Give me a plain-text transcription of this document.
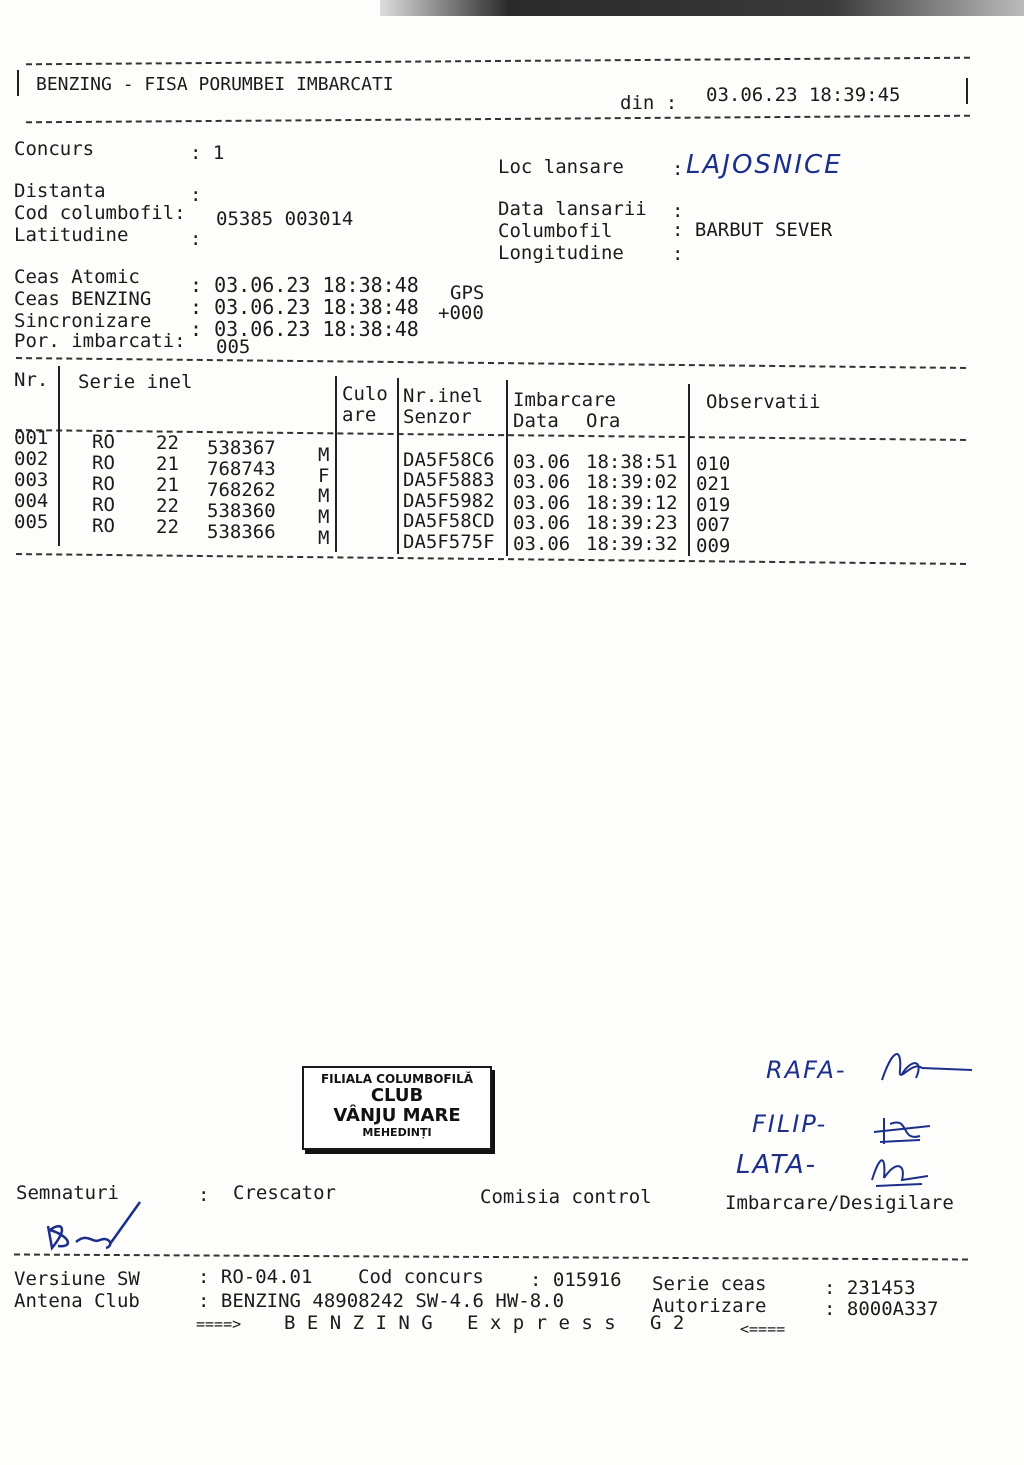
BENZING - FISA PORUMBEI IMBARCATI
din : 03.06.23 18:39:45
Concurs	: 1
Distanta	:
Cod columbofil: 05385 003014
Latitudine	:
Loc lansare	: LAJOSNICE
Data lansarii :
Columbofil	: BARBUT SEVER
Longitudine	:
Ceas Atomic	: 03.06.23 18:38:48 GPS
Ceas BENZING : 03.06.23 18:38:48 +000
Sincronizare : 03.06.23 18:38:48
Por. imbarcati: 005
Nr. Serie inel
Culo
are
Nr.inel
Senzor
Imbarcare
Data Ora
Observatii
001 RO 22 538367 M	DA5F58C6 03.06 18:38:51 010
002 RO 21 768743 F	DA5F5883 03.06 18:39:02 021
003 RO 21 768262 M	DA5F5982 03.06 18:39:12 019
004 RO 22 538360 M	DA5F58CD 03.06 18:39:23 007
005 RO 22 538366 M	DA5F575F 03.06 18:39:32 009
FILIALA COLUMBOFILĂ
CLUB
VÂNJU MARE
MEHEDINȚI
RAFA-
FILIP-
LATA-
Semnaturi	: Crescator	Comisia control	Imbarcare/Desigilare
Versiune SW	: RO-04.01 Cod concurs : 015916 Serie ceas	: 231453
Antena Club	: BENZING 48908242 SW-4.6 HW-8.0	Autorizare	: 8000A337
====> B E N Z I N G   E x p r e s s   G 2	<====
